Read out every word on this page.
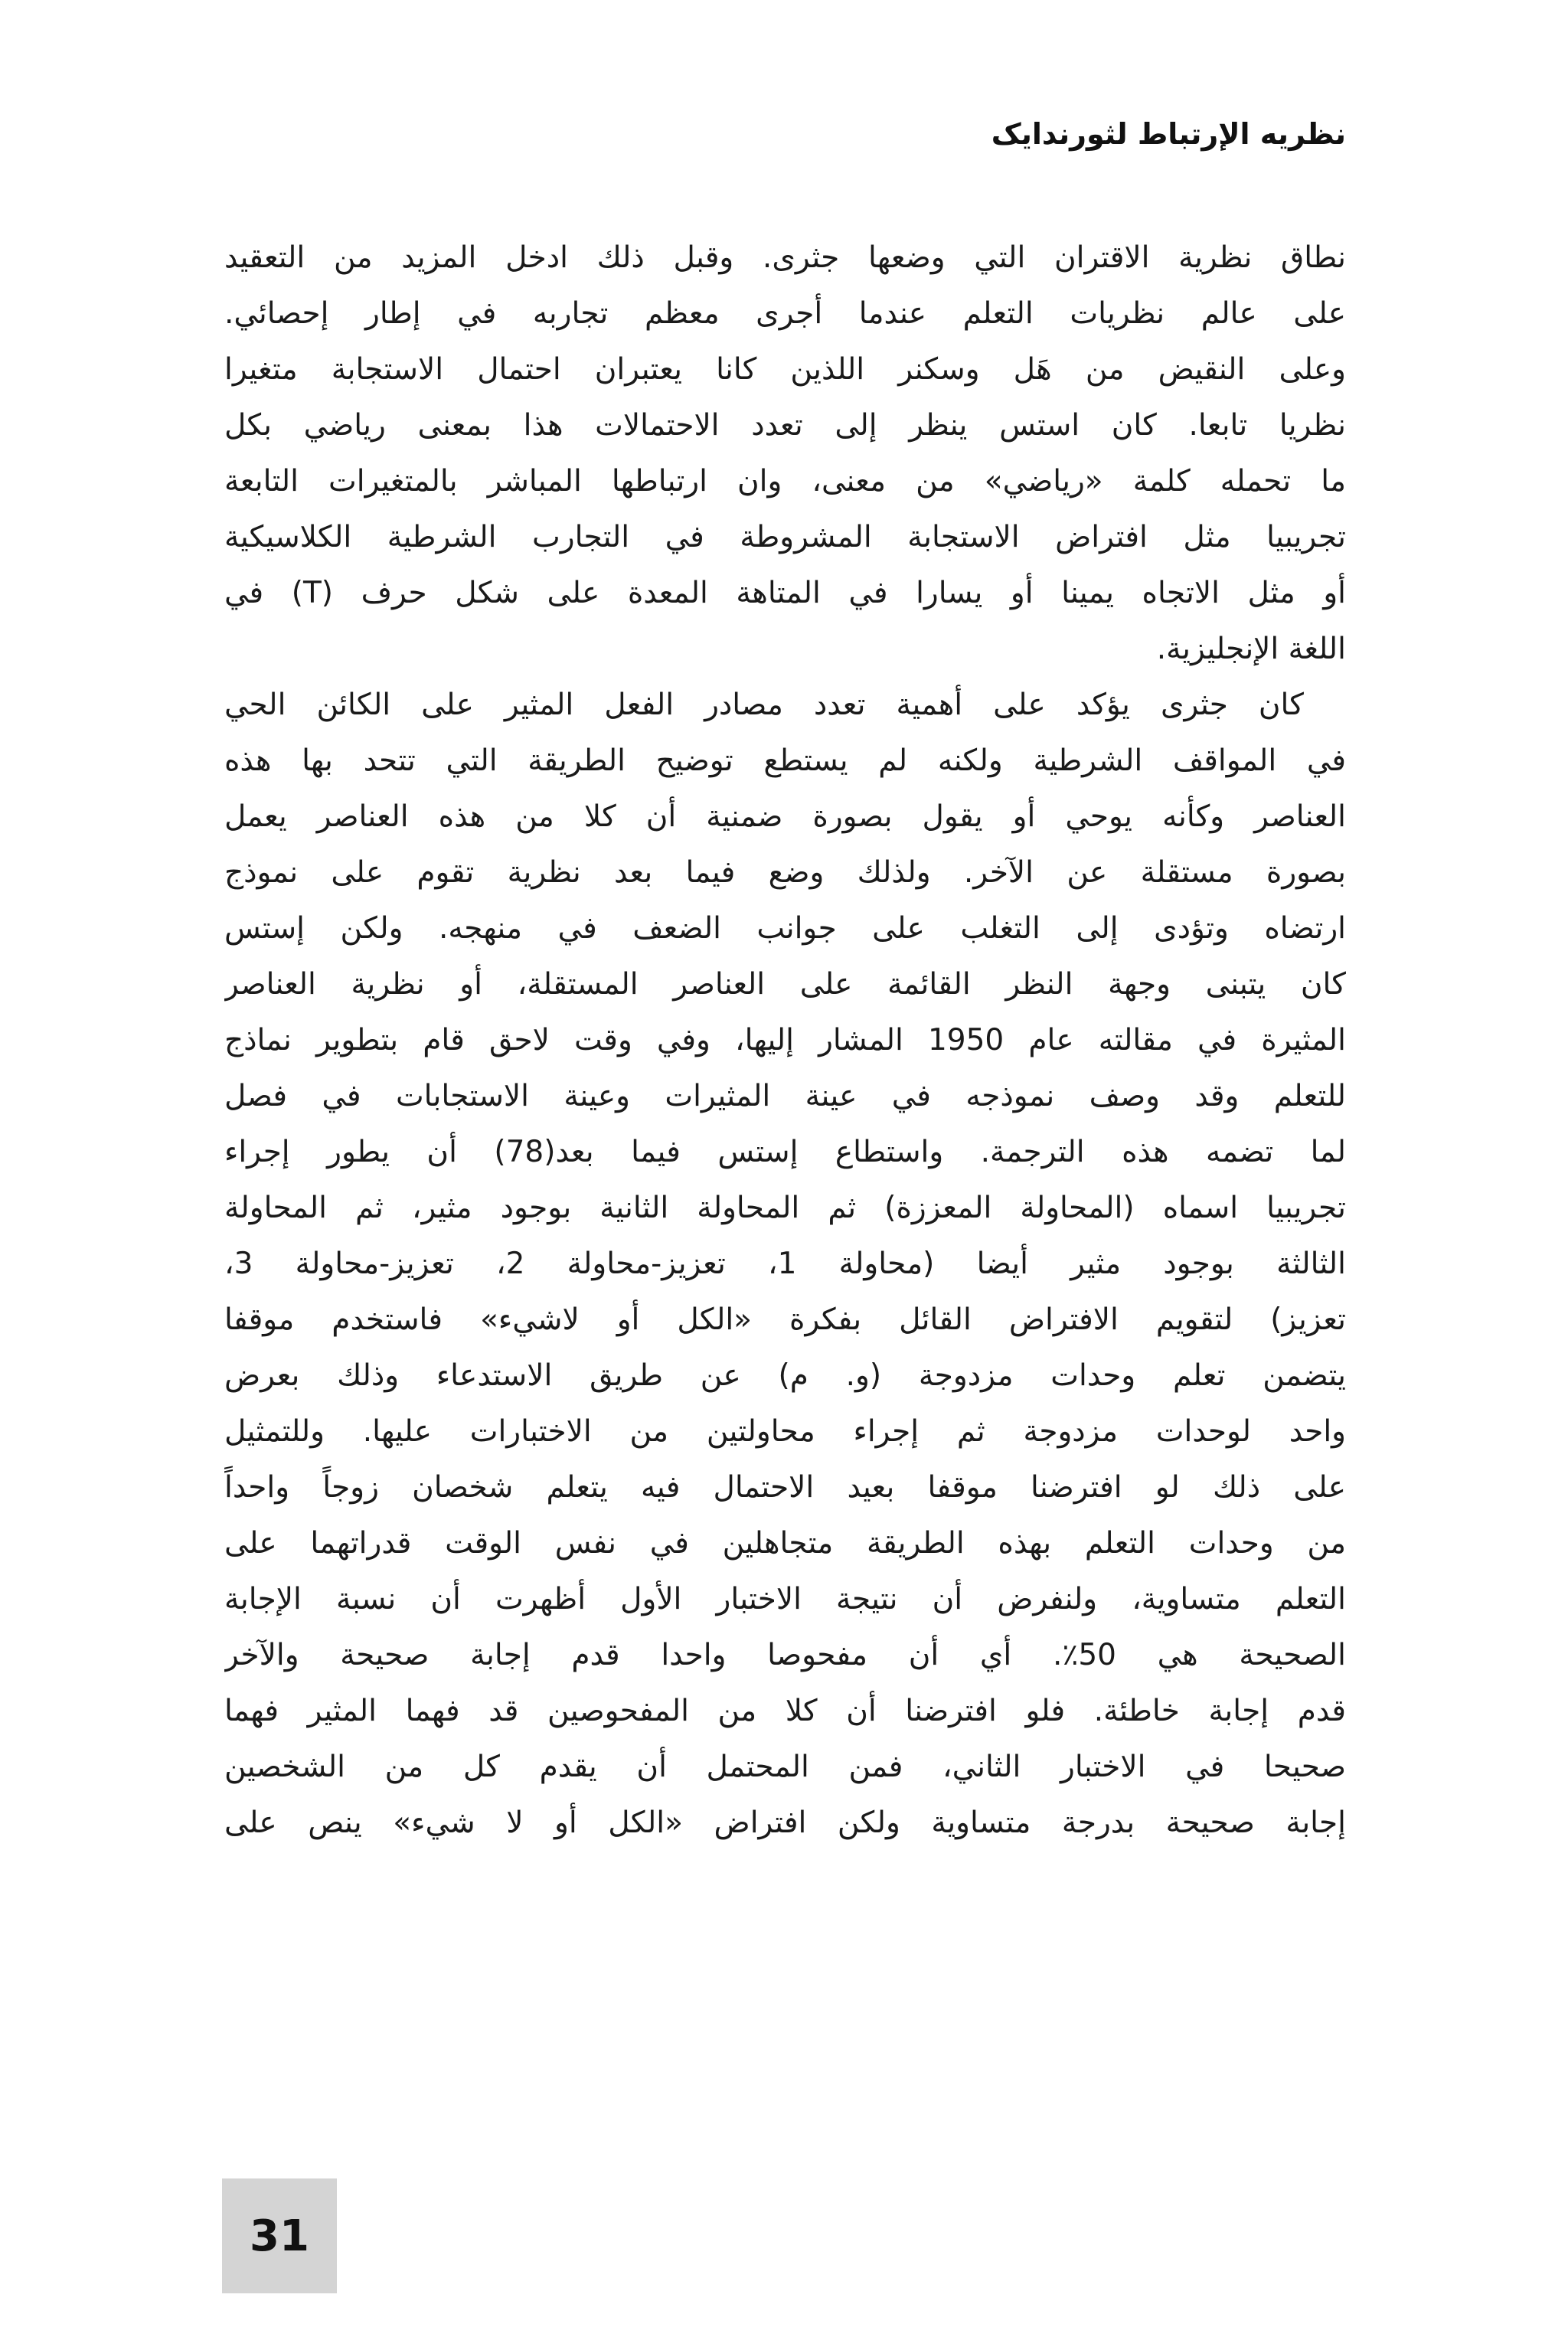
نظريه الإرتباط لثورندايک
نطاق نظرية الاقتران التي وضعها جثرى. وقبل ذلك ادخل المزيد من التعقيد
على عالم نظريات التعلم عندما أجرى معظم تجاربه في إطار إحصائي.
وعلى النقيض من هَل وسكنر اللذين كانا يعتبران احتمال الاستجابة متغيرا
نظريا تابعا. كان استس ينظر إلى تعدد الاحتمالات هذا بمعنى رياضي بكل
ما تحمله كلمة «رياضي» من معنى، وان ارتباطها المباشر بالمتغيرات التابعة
تجريبيا مثل افتراض الاستجابة المشروطة في التجارب الشرطية الكلاسيكية
أو مثل الاتجاه يمينا أو يسارا في المتاهة المعدة على شكل حرف (T) في
اللغة الإنجليزية.
كان جثرى يؤكد على أهمية تعدد مصادر الفعل المثير على الكائن الحي
في المواقف الشرطية ولكنه لم يستطع توضيح الطريقة التي تتحد بها هذه
العناصر وكأنه يوحي أو يقول بصورة ضمنية أن كلا من هذه العناصر يعمل
بصورة مستقلة عن الآخر. ولذلك وضع فيما بعد نظرية تقوم على نموذج
ارتضاه وتؤدى إلى التغلب على جوانب الضعف في منهجه. ولكن إستس
كان يتبنى وجهة النظر القائمة على العناصر المستقلة، أو نظرية العناصر
المثيرة في مقالته عام 1950 المشار إليها، وفي وقت لاحق قام بتطوير نماذج
للتعلم وقد وصف نموذجه في عينة المثيرات وعينة الاستجابات في فصل
لما تضمه هذه الترجمة. واستطاع إستس فيما بعد(78) أن يطور إجراء
تجريبيا اسماه (المحاولة المعززة) ثم المحاولة الثانية بوجود مثير، ثم المحاولة
الثالثة بوجود مثير أيضا (محاولة 1، تعزيز-محاولة 2، تعزيز-محاولة 3،
تعزيز) لتقويم الافتراض القائل بفكرة «الكل أو لاشيء» فاستخدم موقفا
يتضمن تعلم وحدات مزدوجة (و. م) عن طريق الاستدعاء وذلك بعرض
واحد لوحدات مزدوجة ثم إجراء محاولتين من الاختبارات عليها. وللتمثيل
على ذلك لو افترضنا موقفا بعيد الاحتمال فيه يتعلم شخصان زوجاً واحداً
من وحدات التعلم بهذه الطريقة متجاهلين في نفس الوقت قدراتهما على
التعلم متساوية، ولنفرض أن نتيجة الاختبار الأول أظهرت أن نسبة الإجابة
الصحيحة هي 50٪. أي أن مفحوصا واحدا قدم إجابة صحيحة والآخر
قدم إجابة خاطئة. فلو افترضنا أن كلا من المفحوصين قد فهما المثير فهما
صحيحا في الاختبار الثاني، فمن المحتمل أن يقدم كل من الشخصين
إجابة صحيحة بدرجة متساوية ولكن افتراض «الكل أو لا شيء» ينص على
31
